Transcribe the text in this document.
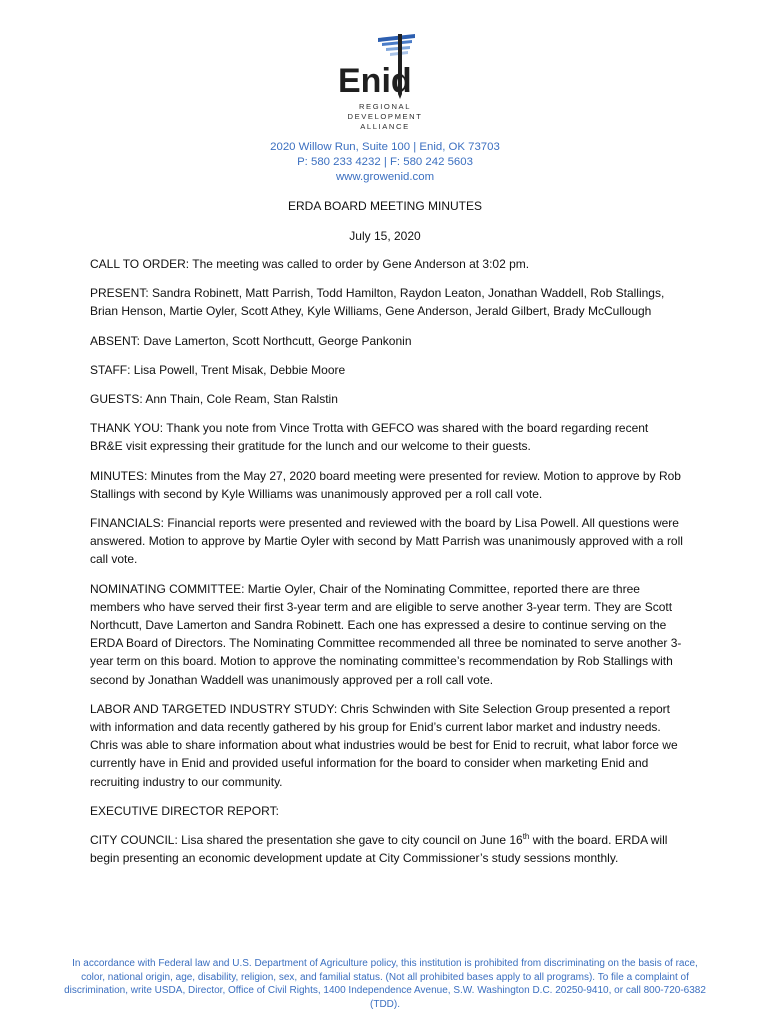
Enid
REGIONAL
DEVELOPMENT
ALLIANCE
2020 Willow Run, Suite 100 | Enid, OK 73703
P: 580 233 4232 | F: 580 242 5603
www.growenid.com
ERDA BOARD MEETING MINUTES
July 15, 2020

CALL TO ORDER: The meeting was called to order by Gene Anderson at 3:02 pm.

PRESENT: Sandra Robinett, Matt Parrish, Todd Hamilton, Raydon Leaton, Jonathan Waddell, Rob Stallings, Brian Henson, Martie Oyler, Scott Athey, Kyle Williams, Gene Anderson, Jerald Gilbert, Brady McCullough

ABSENT: Dave Lamerton, Scott Northcutt, George Pankonin

STAFF: Lisa Powell, Trent Misak, Debbie Moore

GUESTS: Ann Thain, Cole Ream, Stan Ralstin

THANK YOU: Thank you note from Vince Trotta with GEFCO was shared with the board regarding recent BR&E visit expressing their gratitude for the lunch and our welcome to their guests.

MINUTES: Minutes from the May 27, 2020 board meeting were presented for review. Motion to approve by Rob Stallings with second by Kyle Williams was unanimously approved per a roll call vote.

FINANCIALS: Financial reports were presented and reviewed with the board by Lisa Powell. All questions were answered. Motion to approve by Martie Oyler with second by Matt Parrish was unanimously approved with a roll call vote.

NOMINATING COMMITTEE: Martie Oyler, Chair of the Nominating Committee, reported there are three members who have served their first 3-year term and are eligible to serve another 3-year term. They are Scott Northcutt, Dave Lamerton and Sandra Robinett. Each one has expressed a desire to continue serving on the ERDA Board of Directors. The Nominating Committee recommended all three be nominated to serve another 3-year term on this board. Motion to approve the nominating committee’s recommendation by Rob Stallings with second by Jonathan Waddell was unanimously approved per a roll call vote.

LABOR AND TARGETED INDUSTRY STUDY: Chris Schwinden with Site Selection Group presented a report with information and data recently gathered by his group for Enid’s current labor market and industry needs. Chris was able to share information about what industries would be best for Enid to recruit, what labor force we currently have in Enid and provided useful information for the board to consider when marketing Enid and recruiting industry to our community.

EXECUTIVE DIRECTOR REPORT:

CITY COUNCIL: Lisa shared the presentation she gave to city council on June 16th with the board. ERDA will begin presenting an economic development update at City Commissioner’s study sessions monthly.

In accordance with Federal law and U.S. Department of Agriculture policy, this institution is prohibited from discriminating on the basis of race, color, national origin, age, disability, religion, sex, and familial status. (Not all prohibited bases apply to all programs). To file a complaint of discrimination, write USDA, Director, Office of Civil Rights, 1400 Independence Avenue, S.W. Washington D.C. 20250-9410, or call 800-720-6382 (TDD).
